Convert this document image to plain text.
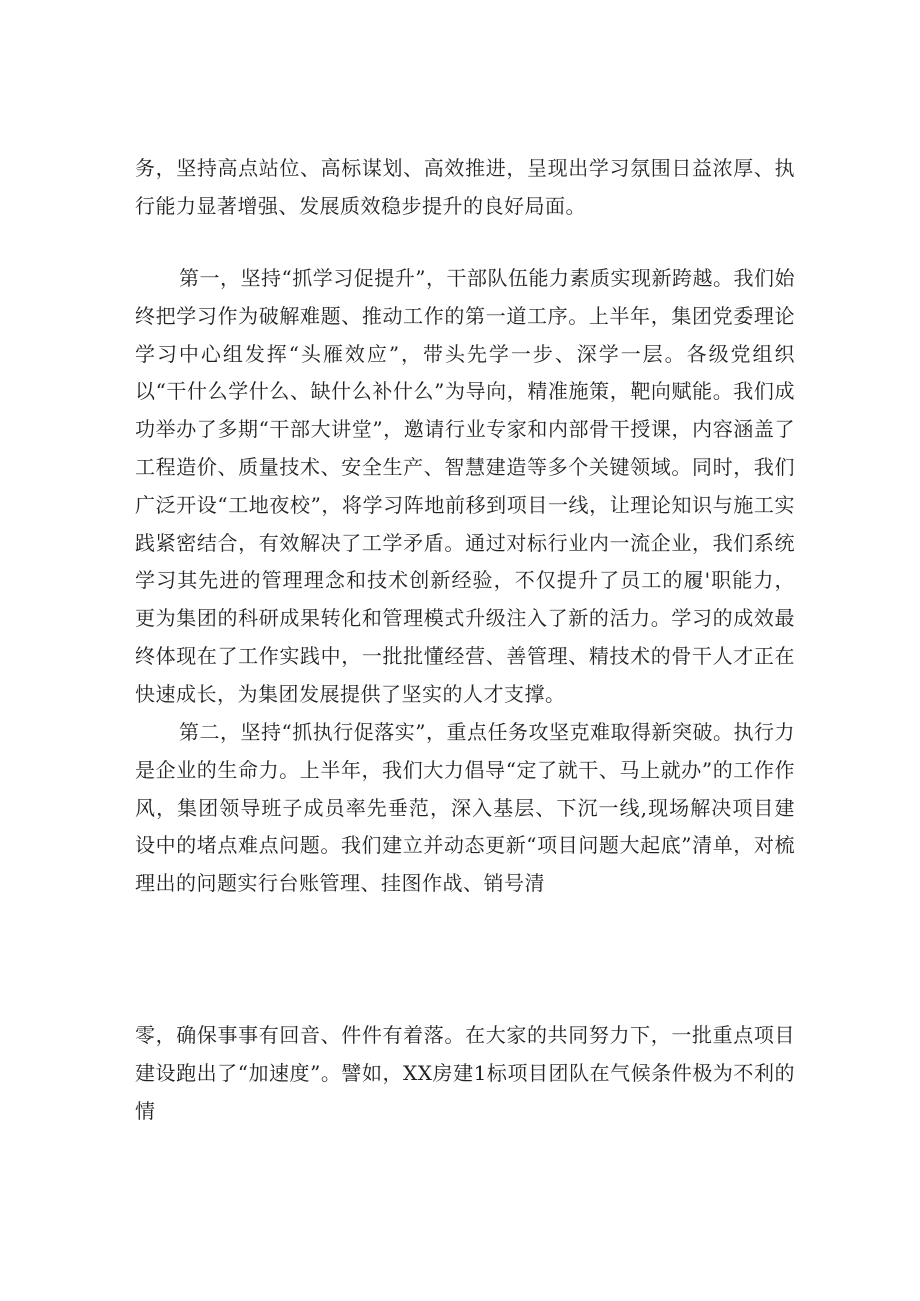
务，坚持高点站位、高标谋划、高效推进，呈现出学习氛围日益浓厚、执行能力显著增强、发展质效稳步提升的良好局面。

第一，坚持“抓学习促提升”，干部队伍能力素质实现新跨越。我们始终把学习作为破解难题、推动工作的第一道工序。上半年，集团党委理论学习中心组发挥“头雁效应”，带头先学一步、深学一层。各级党组织以“干什么学什么、缺什么补什么”为导向，精准施策，靶向赋能。我们成功举办了多期“干部大讲堂”，邀请行业专家和内部骨干授课，内容涵盖了工程造价、质量技术、安全生产、智慧建造等多个关键领域。同时，我们广泛开设“工地夜校”，将学习阵地前移到项目一线，让理论知识与施工实践紧密结合，有效解决了工学矛盾。通过对标行业内一流企业，我们系统学习其先进的管理理念和技术创新经验，不仅提升了员工的履'职能力，更为集团的科研成果转化和管理模式升级注入了新的活力。学习的成效最终体现在了工作实践中，一批批懂经营、善管理、精技术的骨干人才正在快速成长，为集团发展提供了坚实的人才支撑。

第二，坚持“抓执行促落实”，重点任务攻坚克难取得新突破。执行力是企业的生命力。上半年，我们大力倡导“定了就干、马上就办”的工作作风，集团领导班子成员率先垂范，深入基层、下沉一线,现场解决项目建设中的堵点难点问题。我们建立并动态更新“项目问题大起底”清单，对梳理出的问题实行台账管理、挂图作战、销号清

零，确保事事有回音、件件有着落。在大家的共同努力下，一批重点项目建设跑出了“加速度”。譬如，XX房建1标项目团队在气候条件极为不利的情
